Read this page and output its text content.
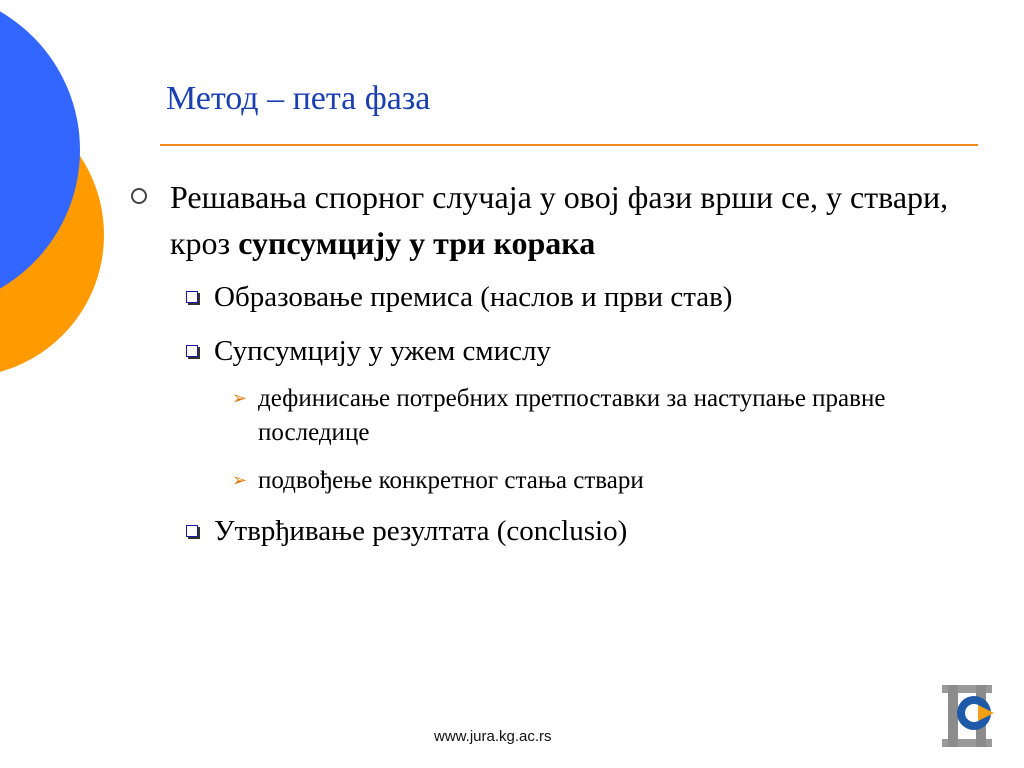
Метод – пета фаза
Решавања спорног случаја у овој фази врши се, у ствари, кроз супсумцију у три корака
Образовање премиса (наслов и први став)
Супсумцију у ужем смислу
➢ дефинисање потребних претпоставки за наступање правне последице
➢ подвођење конкретног стања ствари
Утврђивање резултата (conclusio)
www.jura.kg.ac.rs
